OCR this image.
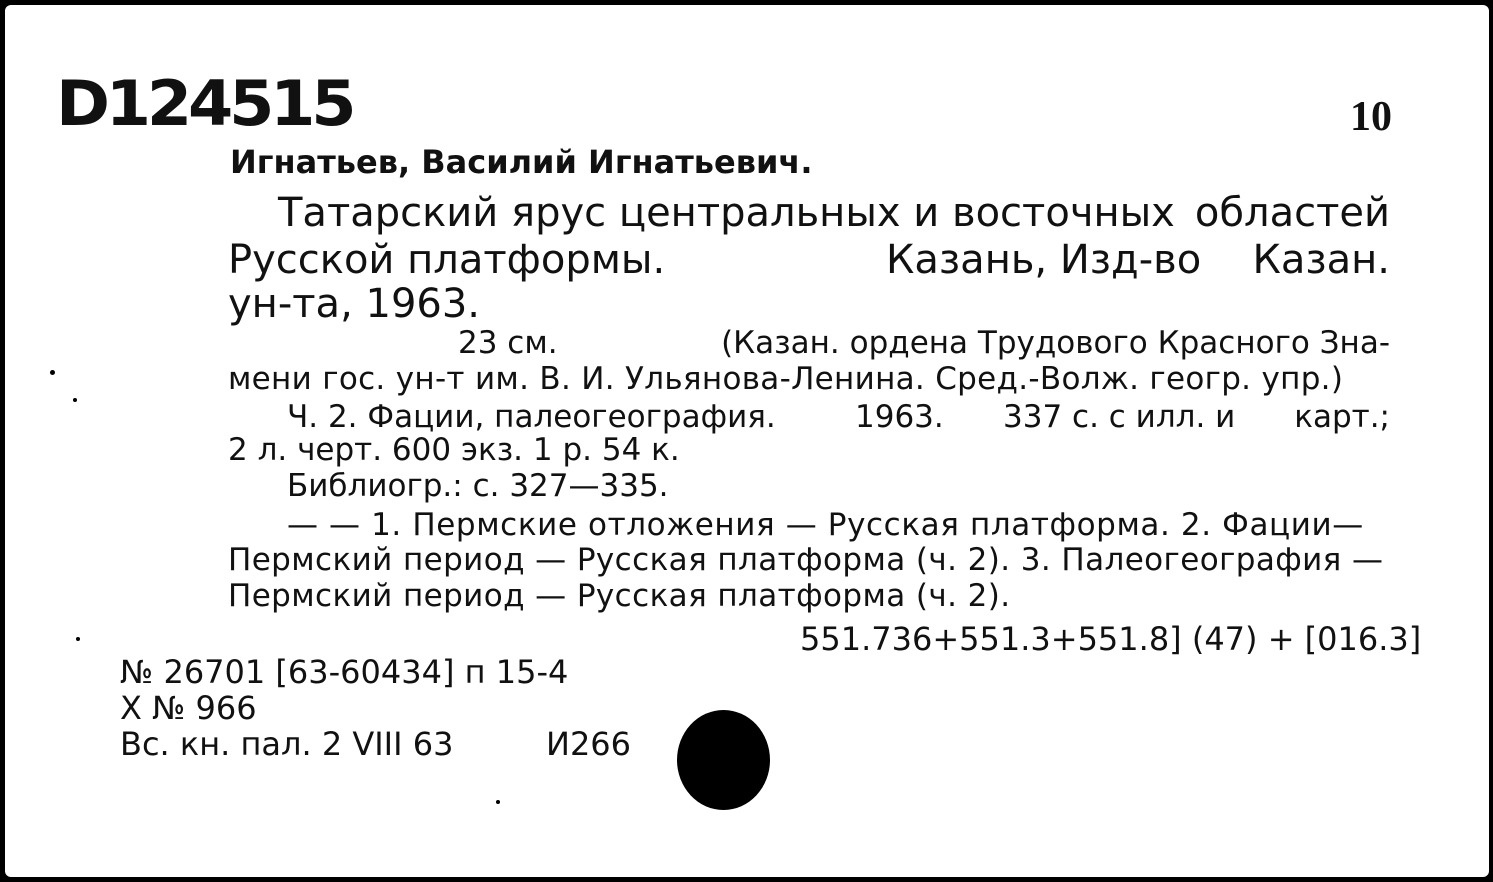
D124515	10
Игнатьев, Василий Игнатьевич.
Татарский ярус центральных и восточных областей
Русской платформы.	Казань, Изд-во Казан.
ун-та, 1963.
23 см.	(Казан. ордена Трудового Красного Зна-
мени гос. ун-т им. В. И. Ульянова-Ленина. Сред.-Волж. геогр. упр.)
Ч. 2. Фации, палеогеография.	1963. 337 с. с илл. и карт.;
2 л. черт. 600 экз. 1 р. 54 к.
Библиогр.: с. 327—335.
— — 1. Пермские отложения — Русская платформа. 2. Фации—
Пермский период — Русская платформа (ч. 2). 3. Палеогеография —
Пермский период — Русская платформа (ч. 2).
551.736+551.3+551.8] (47) + [016.3]
№ 26701 [63-60434] п 15-4
X № 966
Вс. кн. пал. 2 VIII 63	И266
